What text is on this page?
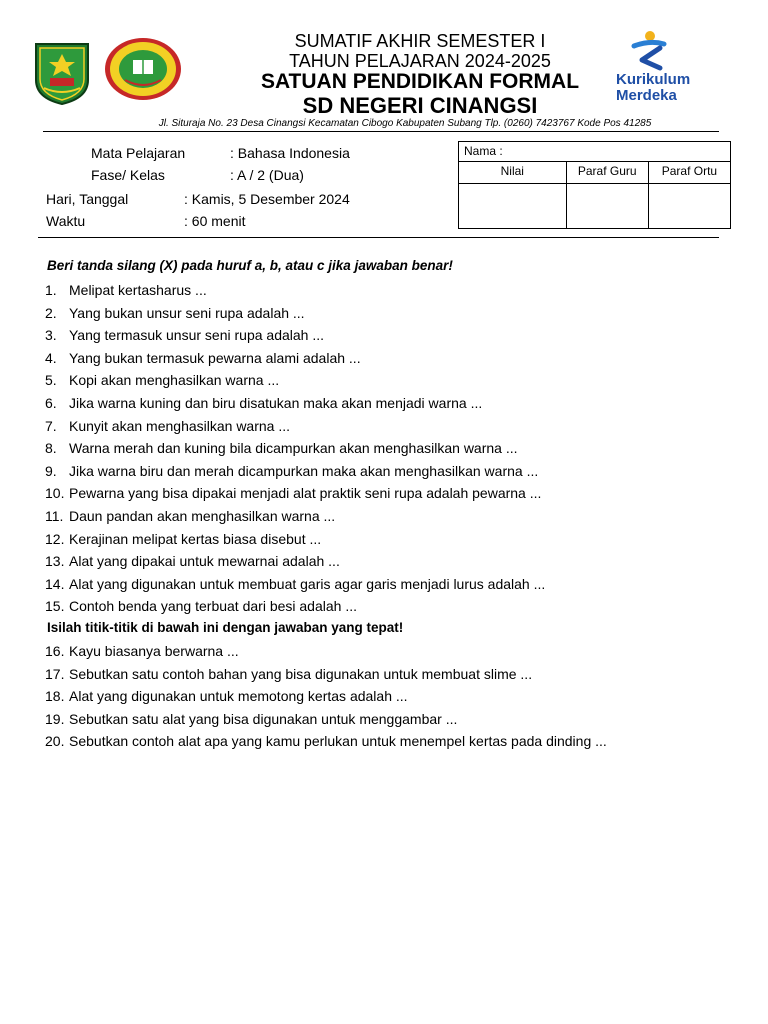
Kurikulum
Merdeka
SUMATIF AKHIR SEMESTER I
TAHUN PELAJARAN 2024-2025
SATUAN PENDIDIKAN FORMAL
SD NEGERI CINANGSI
Jl. Situraja No. 23 Desa Cinangsi Kecamatan Cibogo Kabupaten Subang Tlp. (0260) 7423767 Kode Pos 41285
Mata Pelajaran	: Bahasa Indonesia
Fase/ Kelas	: A / 2 (Dua)
Hari, Tanggal	: Kamis, 5 Desember 2024
Waktu	: 60 menit
Nama :		
Nilai	Paraf Guru	Paraf Ortu

Beri tanda silang (X) pada huruf a, b, atau c jika jawaban benar!
Isilah titik-titik di bawah ini dengan jawaban yang tepat!
1. Melipat kertasharus ...
2. Yang bukan unsur seni rupa adalah ...
3. Yang termasuk unsur seni rupa adalah ...
4. Yang bukan termasuk pewarna alami adalah ...
5. Kopi akan menghasilkan warna ...
6. Jika warna kuning dan biru disatukan maka akan menjadi warna ...
7. Kunyit akan menghasilkan warna ...
8. Warna merah dan kuning bila dicampurkan akan menghasilkan warna ...
9. Jika warna biru dan merah dicampurkan maka akan menghasilkan warna ...
10. Pewarna yang bisa dipakai menjadi alat praktik seni rupa adalah pewarna ...
11. Daun pandan akan menghasilkan warna ...
12. Kerajinan melipat kertas biasa disebut ...
13. Alat yang dipakai untuk mewarnai adalah ...
14. Alat yang digunakan untuk membuat garis agar garis menjadi lurus adalah ...
15. Contoh benda yang terbuat dari besi adalah ...
16. Kayu biasanya berwarna ...
17. Sebutkan satu contoh bahan yang bisa digunakan untuk membuat slime ...
18. Alat yang digunakan untuk memotong kertas adalah ...
19. Sebutkan satu alat yang bisa digunakan untuk menggambar ...
20. Sebutkan contoh alat apa yang kamu perlukan untuk menempel kertas pada dinding ...
